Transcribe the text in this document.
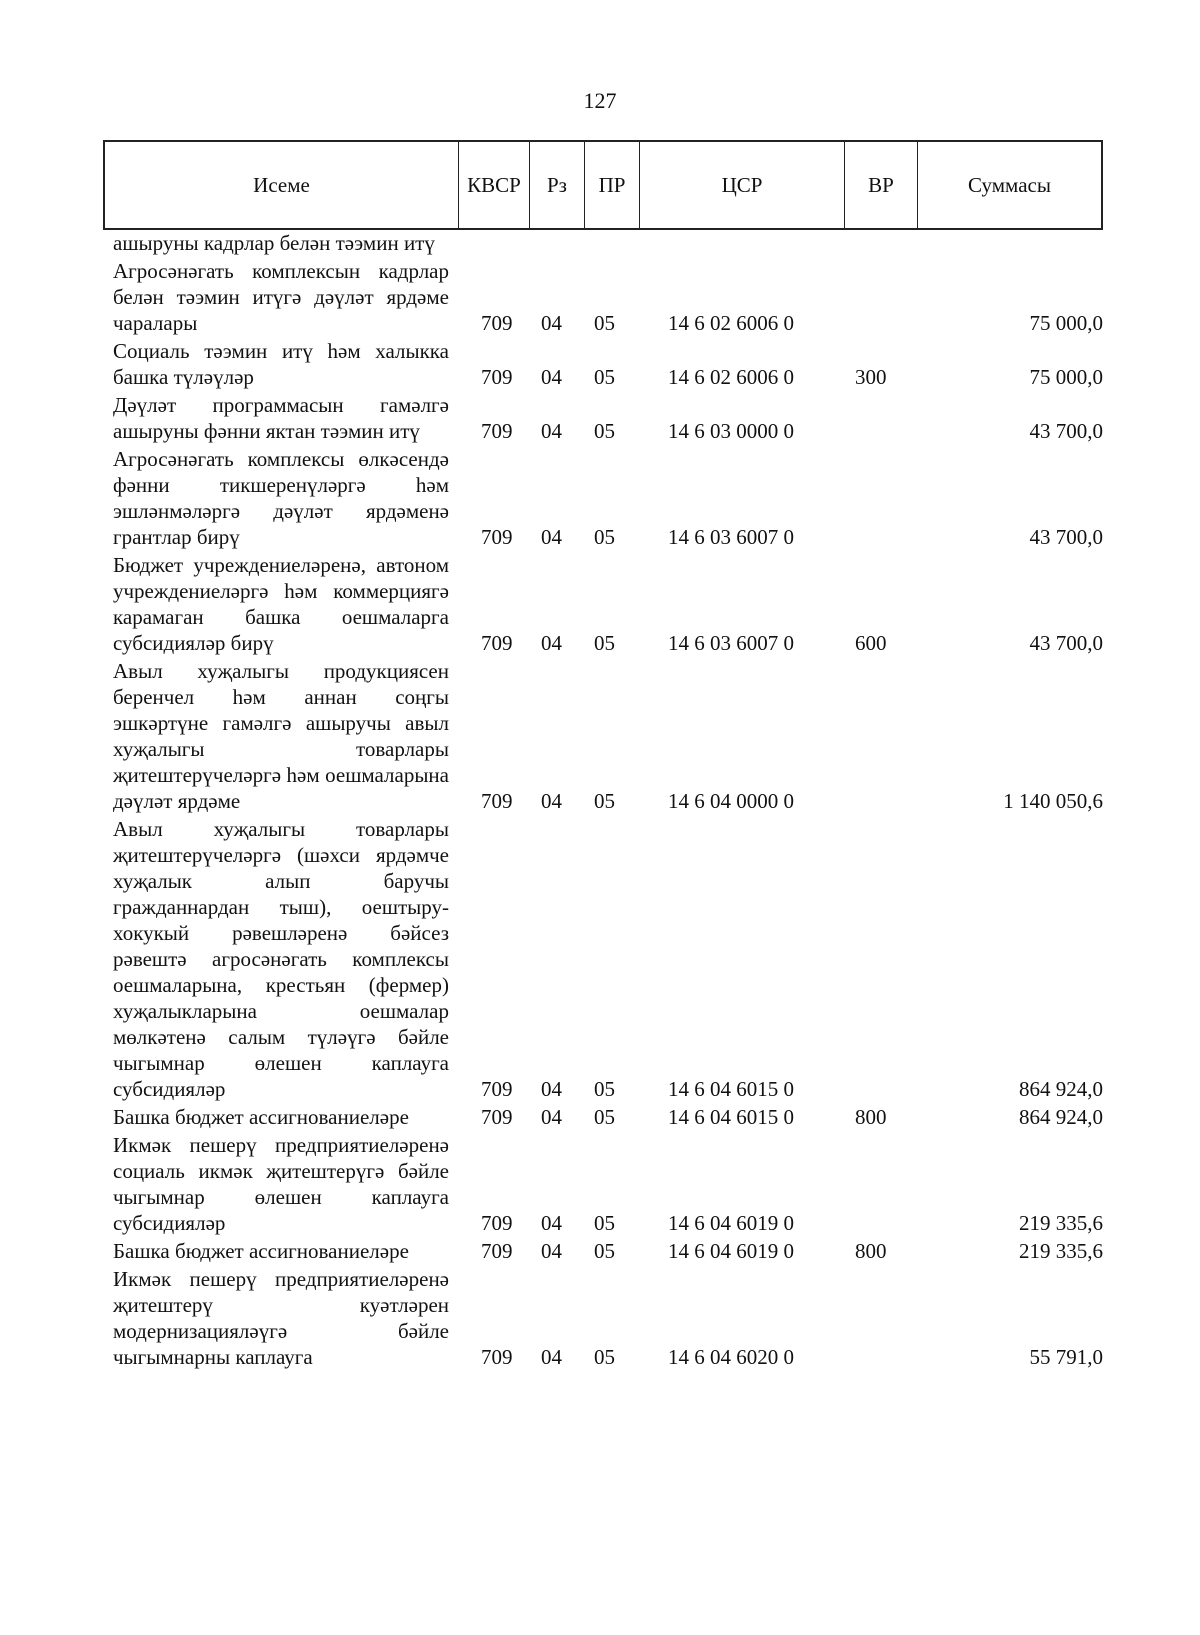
127
Исеме	КВСР	Рз	ПР	ЦСР	ВР	Суммасы
ашыруны кадрлар белән тәэмин итү
Агросәнәгать комплексын кадрлар белән тәэмин итүгә дәүләт ярдәме чаралары	709 04 05	14 6 02 6006 0	75 000,0
Социаль тәэмин итү һәм халыкка башка түләүләр	709 04 05	14 6 02 6006 0	300	75 000,0
Дәүләт программасын гамәлгә ашыруны фәнни яктан тәэмин итү	709 04 05	14 6 03 0000 0	43 700,0
Агросәнәгать комплексы өлкәсендә фәнни тикшеренүләргә һәм эшләнмәләргә дәүләт ярдәменә грантлар бирү	709 04 05	14 6 03 6007 0	43 700,0
Бюджет учреждениеләренә, автоном учреждениеләргә һәм коммерциягә карамаган башка оешмаларга субсидияләр бирү	709 04 05	14 6 03 6007 0	600	43 700,0
Авыл хуҗалыгы продукциясен беренчел һәм аннан соңгы эшкәртүне гамәлгә ашыручы авыл хуҗалыгы товарлары җитештерүчеләргә һәм оешмаларына дәүләт ярдәме	709 04 05	14 6 04 0000 0	1 140 050,6
Авыл хуҗалыгы товарлары җитештерүчеләргә (шәхси ярдәмче хуҗалык алып баручы гражданнардан тыш), оештыру-хокукый рәвешләренә бәйсез рәвештә агросәнәгать комплексы оешмаларына, крестьян (фермер) хуҗалыкларына оешмалар мөлкәтенә салым түләүгә бәйле чыгымнар өлешен каплауга субсидияләр	709 04 05	14 6 04 6015 0	864 924,0
Башка бюджет ассигнованиеләре	709 04 05	14 6 04 6015 0	800	864 924,0
Икмәк пешерү предприятиеләренә социаль икмәк җитештерүгә бәйле чыгымнар өлешен каплауга субсидияләр	709 04 05	14 6 04 6019 0	219 335,6
Башка бюджет ассигнованиеләре	709 04 05	14 6 04 6019 0	800	219 335,6
Икмәк пешерү предприятиеләренә җитештерү куәтләрен модернизацияләүгә бәйле чыгымнарны каплауга	709 04 05	14 6 04 6020 0	55 791,0
